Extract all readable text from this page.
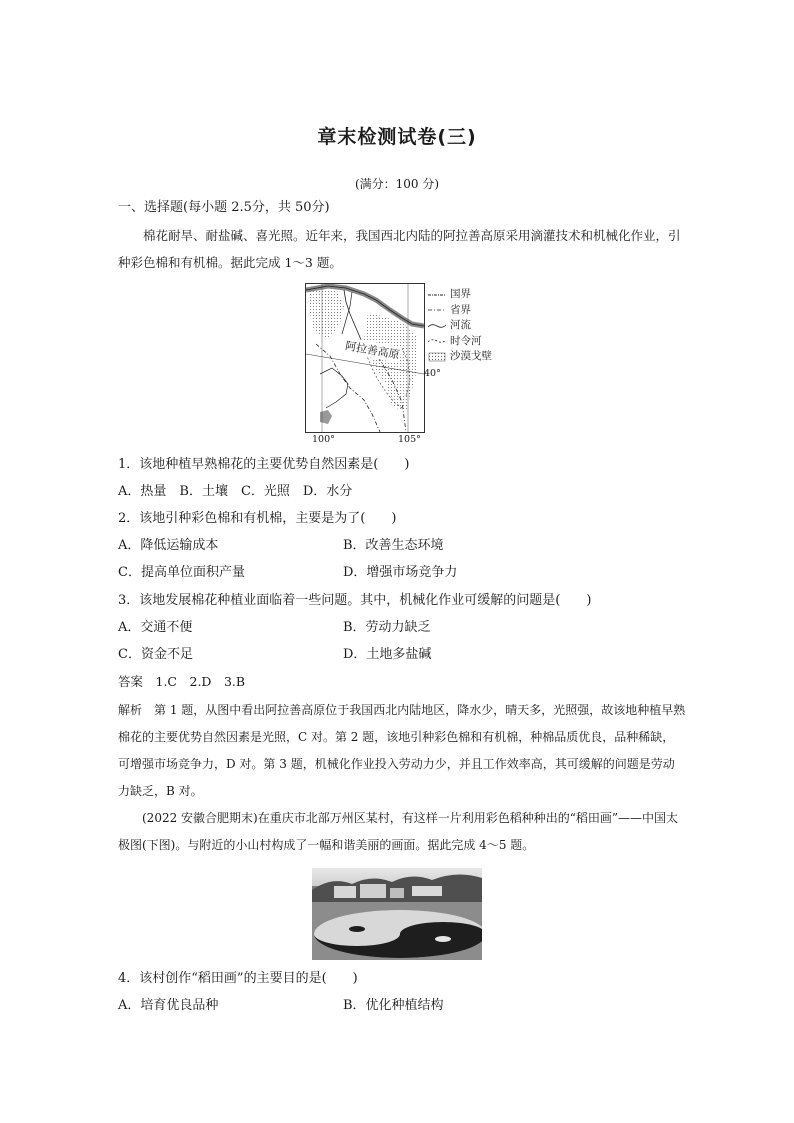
章末检测试卷(三)
(满分：100 分)
一、选择题(每小题 2.5分，共 50分)
棉花耐旱、耐盐碱、喜光照。近年来，我国西北内陆的阿拉善高原采用滴灌技术和机械化作业，引种彩色棉和有机棉。据此完成 1～3 题。
阿拉善高原
40°
100°	105°
国界
省界
河流
时令河
沙漠戈壁
1．该地种植早熟棉花的主要优势自然因素是(　　)
A．热量　B．土壤　C．光照　D．水分
2．该地引种彩色棉和有机棉，主要是为了(　　)
A．降低运输成本	B．改善生态环境
C．提高单位面积产量	D．增强市场竞争力
3．该地发展棉花种植业面临着一些问题。其中，机械化作业可缓解的问题是(　　)
A．交通不便	B．劳动力缺乏
C．资金不足	D．土地多盐碱
答案　1.C　2.D　3.B
解析　第 1 题，从图中看出阿拉善高原位于我国西北内陆地区，降水少，晴天多，光照强，故该地种植早熟棉花的主要优势自然因素是光照，C 对。第 2 题，该地引种彩色棉和有机棉，种棉品质优良，品种稀缺，可增强市场竞争力，D 对。第 3 题，机械化作业投入劳动力少，并且工作效率高，其可缓解的问题是劳动力缺乏，B 对。
(2022 安徽合肥期末)在重庆市北部万州区某村，有这样一片利用彩色稻种种出的“稻田画”——中国太极图(下图)。与附近的小山村构成了一幅和谐美丽的画面。据此完成 4～5 题。
4．该村创作“稻田画”的主要目的是(　　)
A．培育优良品种	B．优化种植结构
